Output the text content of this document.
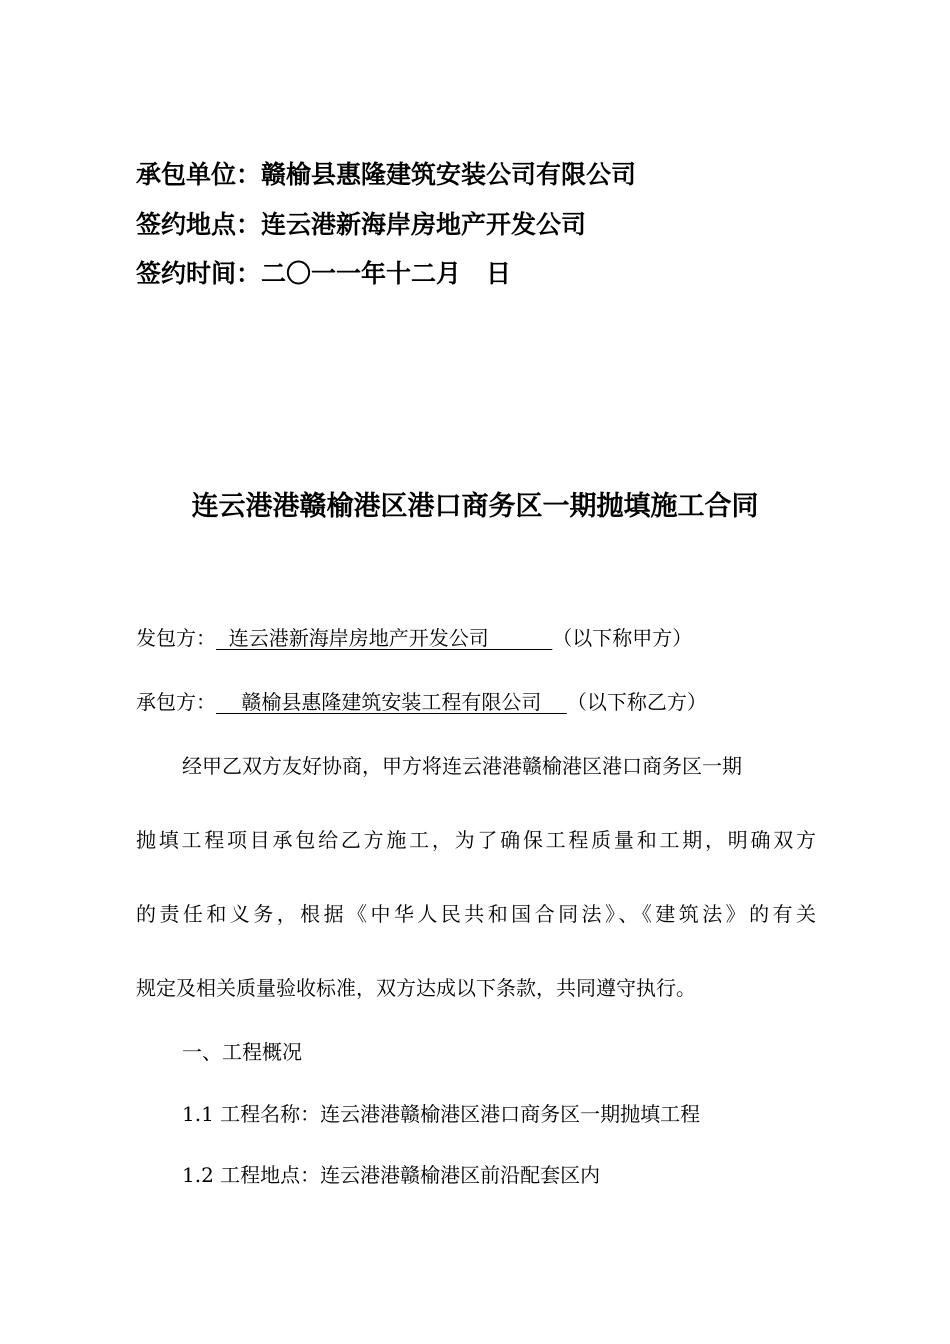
承包单位：赣榆县惠隆建筑安装公司有限公司
签约地点：连云港新海岸房地产开发公司
签约时间：二〇一一年十二月　日
连云港港赣榆港区港口商务区一期抛填施工合同
发包方：  连云港新海岸房地产开发公司          （以下称甲方）
承包方：    赣榆县惠隆建筑安装工程有限公司    （以下称乙方）
经甲乙双方友好协商，甲方将连云港港赣榆港区港口商务区一期
抛填工程项目承包给乙方施工，为了确保工程质量和工期，明确双方
的责任和义务，根据《中华人民共和国合同法》、《建筑法》的有关
规定及相关质量验收标准，双方达成以下条款，共同遵守执行。
一、工程概况
1.1 工程名称：连云港港赣榆港区港口商务区一期抛填工程
1.2 工程地点：连云港港赣榆港区前沿配套区内
